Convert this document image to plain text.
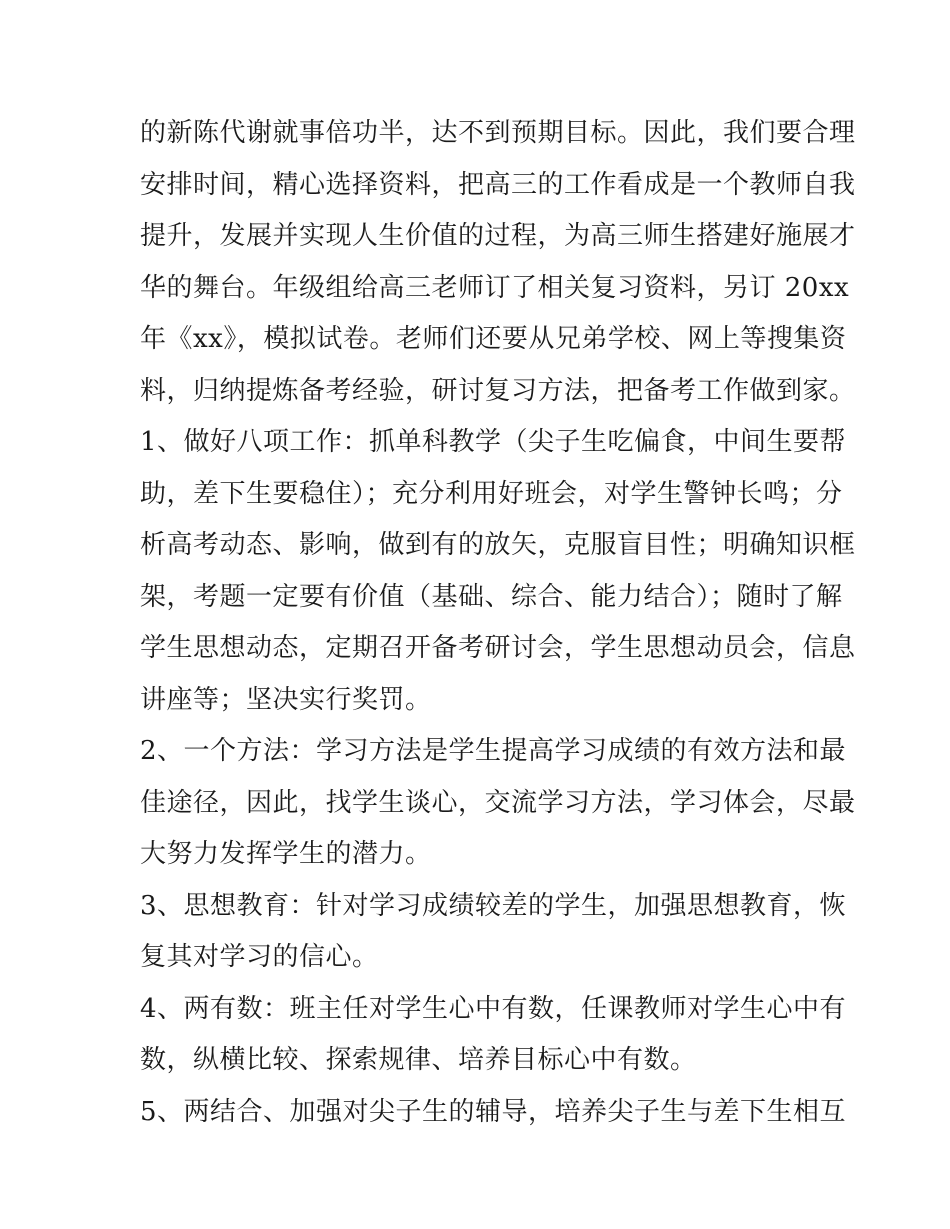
的新陈代谢就事倍功半，达不到预期目标。因此，我们要合理
安排时间，精心选择资料，把高三的工作看成是一个教师自我
提升，发展并实现人生价值的过程，为高三师生搭建好施展才
华的舞台。年级组给高三老师订了相关复习资料，另订 20xx
年《xx》，模拟试卷。老师们还要从兄弟学校、网上等搜集资
料，归纳提炼备考经验，研讨复习方法，把备考工作做到家。
1、做好八项工作：抓单科教学（尖子生吃偏食，中间生要帮
助，差下生要稳住）；充分利用好班会，对学生警钟长鸣；分
析高考动态、影响，做到有的放矢，克服盲目性；明确知识框
架，考题一定要有价值（基础、综合、能力结合）；随时了解
学生思想动态，定期召开备考研讨会，学生思想动员会，信息
讲座等；坚决实行奖罚。
2、一个方法：学习方法是学生提高学习成绩的有效方法和最
佳途径，因此，找学生谈心，交流学习方法，学习体会，尽最
大努力发挥学生的潜力。
3、思想教育：针对学习成绩较差的学生，加强思想教育，恢
复其对学习的信心。
4、两有数：班主任对学生心中有数，任课教师对学生心中有
数，纵横比较、探索规律、培养目标心中有数。
5、两结合、加强对尖子生的辅导，培养尖子生与差下生相互
